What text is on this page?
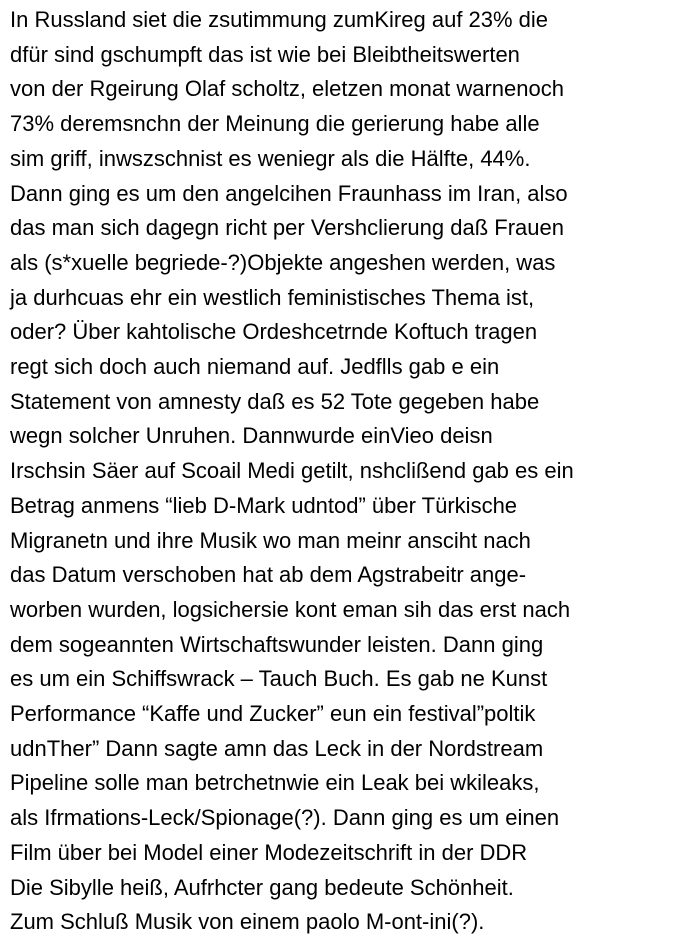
In Russland siet die zsutimmung zumKireg auf 23% die
dfür sind gschumpft das ist wie bei Bleibtheitswerten
von der Rgeirung Olaf scholtz, eletzen monat warnenoch
73% deremsnchn der Meinung die gerierung habe alle
sim griff, inwszschnist es weniegr als die Hälfte, 44%.
Dann ging es um den angelcihen Fraunhass im Iran, also
das man sich dagegn richt per Vershclierung daß Frauen
als (s*xuelle begriede-?)Objekte angeshen werden, was
ja durhcuas ehr ein westlich feministisches Thema ist,
oder? Über kahtolische Ordeshcetrnde Koftuch tragen
regt sich doch auch niemand auf. Jedflls gab e ein
Statement von amnesty daß es 52 Tote gegeben habe
wegn solcher Unruhen. Dannwurde einVieo deisn
Irschsin Säer auf Scoail Medi getilt, nshclißend gab es ein
Betrag anmens “lieb D-Mark udntod” über Türkische
Migranetn und ihre Musik wo man meinr ansciht nach
das Datum verschoben hat ab dem Agstrabeitr ange-
worben wurden, logsichersie kont eman sih das erst nach
dem sogeannten Wirtschaftswunder leisten. Dann ging
es um ein Schiffswrack – Tauch Buch. Es gab ne Kunst
Performance “Kaffe und Zucker” eun ein festival”poltik
udnTher” Dann sagte amn das Leck in der Nordstream
Pipeline solle man betrchetnwie ein Leak bei wkileaks,
als Ifrmations-Leck/Spionage(?). Dann ging es um einen
Film über bei Model einer Modezeitschrift in der DDR
Die Sibylle heiß, Aufrhcter gang bedeute Schönheit.
Zum Schluß Musik von einem paolo M-ont-ini(?).
